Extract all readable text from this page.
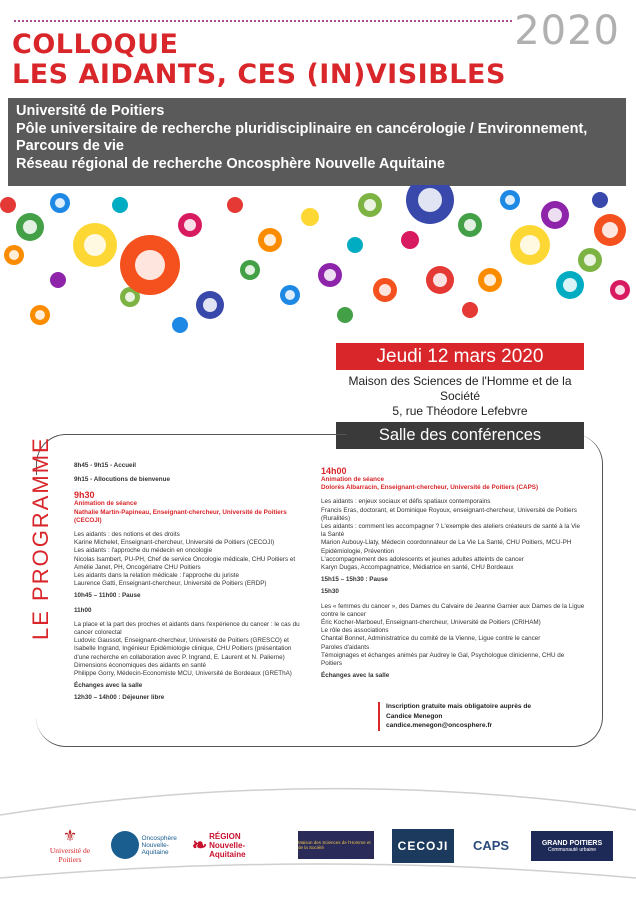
2020
COLLOQUE
LES AIDANTS, CES (IN)VISIBLES
Université de Poitiers
Pôle universitaire de recherche pluridisciplinaire en cancérologie / Environnement,
Parcours de vie
Réseau régional de recherche Oncosphère Nouvelle Aquitaine
Jeudi 12 mars 2020
Maison des Sciences de l'Homme et de la Société
5, rue Théodore Lefebvre
Salle des conférences
LE PROGRAMME	8h45 - 9h15 - Accueil
9h15 - Allocutions de bienvenue
9h30
Animation de séance
Nathalie Martin-Papineau, Enseignant-chercheur, Université de Poitiers (CECOJI)
Les aidants : des notions et des droits
Karine Michelet, Enseignant-chercheur, Université de Poitiers (CECOJI)
Les aidants : l'approche du médecin en oncologie
Nicolas Isambert, PU-PH, Chef de service Oncologie médicale, CHU Poitiers et Amélie Janet, PH, Oncogériatre CHU Poitiers
Les aidants dans la relation médicale : l'approche du juriste
Laurence Gatti, Enseignant-chercheur, Université de Poitiers (ERDP)
10h45 – 11h00 : Pause
11h00
La place et la part des proches et aidants dans l'expérience du cancer : le cas du cancer colorectal
Ludovic Gaussot, Enseignant-chercheur, Université de Poitiers (GRESCO) et Isabelle Ingrand, Ingénieur Epidémiologie clinique, CHU Poitiers (présentation d'une recherche en collaboration avec P. Ingrand, E. Laurent et N. Palierne)
Dimensions économiques des aidants en santé
Philippe Gorry, Médecin-Economiste MCU, Université de Bordeaux (GREThA)
Échanges avec la salle
12h30 – 14h00 : Déjeuner libre
14h00
Animation de séance
Dolorès Albarracin, Enseignant-chercheur, Université de Poitiers (CAPS)
Les aidants : enjeux sociaux et défis spatiaux contemporains
Francis Eras, doctorant, et Dominique Royoux, enseignant-chercheur, Université de Poitiers (Ruralités)
Les aidants : comment les accompagner ? L'exemple des ateliers créateurs de santé à la Vie la Santé
Marion Aubouy-Llaty, Médecin coordonnateur de La Vie La Santé, CHU Poitiers, MCU-PH Epidémiologie, Prévention
L'accompagnement des adolescents et jeunes adultes atteints de cancer
Karyn Dugas, Accompagnatrice, Médiatrice en santé, CHU Bordeaux
15h15 – 15h30 : Pause
15h30
Les « femmes du cancer », des Dames du Calvaire de Jeanne Garnier aux Dames de la Ligue contre le cancer
Éric Kocher-Marboeuf, Enseignant-chercheur, Université de Poitiers (CRIHAM)
Le rôle des associations
Chantal Bonnet, Administratrice du comité de la Vienne, Ligue contre le cancer
Paroles d'aidants
Témoignages et échanges animés par Audrey le Gal, Psychologue clinicienne, CHU de Poitiers
Échanges avec la salle
Inscription gratuite mais obligatoire auprès de
Candice Menegon
candice.menegon@oncosphere.fr
⚜
Université de Poitiers
Oncosphère Nouvelle-Aquitaine	❧ RÉGION Nouvelle-Aquitaine
Maison des Sciences de l'Homme et de la Société	CECOJI	CAPS	GRAND POITIERS
Communauté urbaine
